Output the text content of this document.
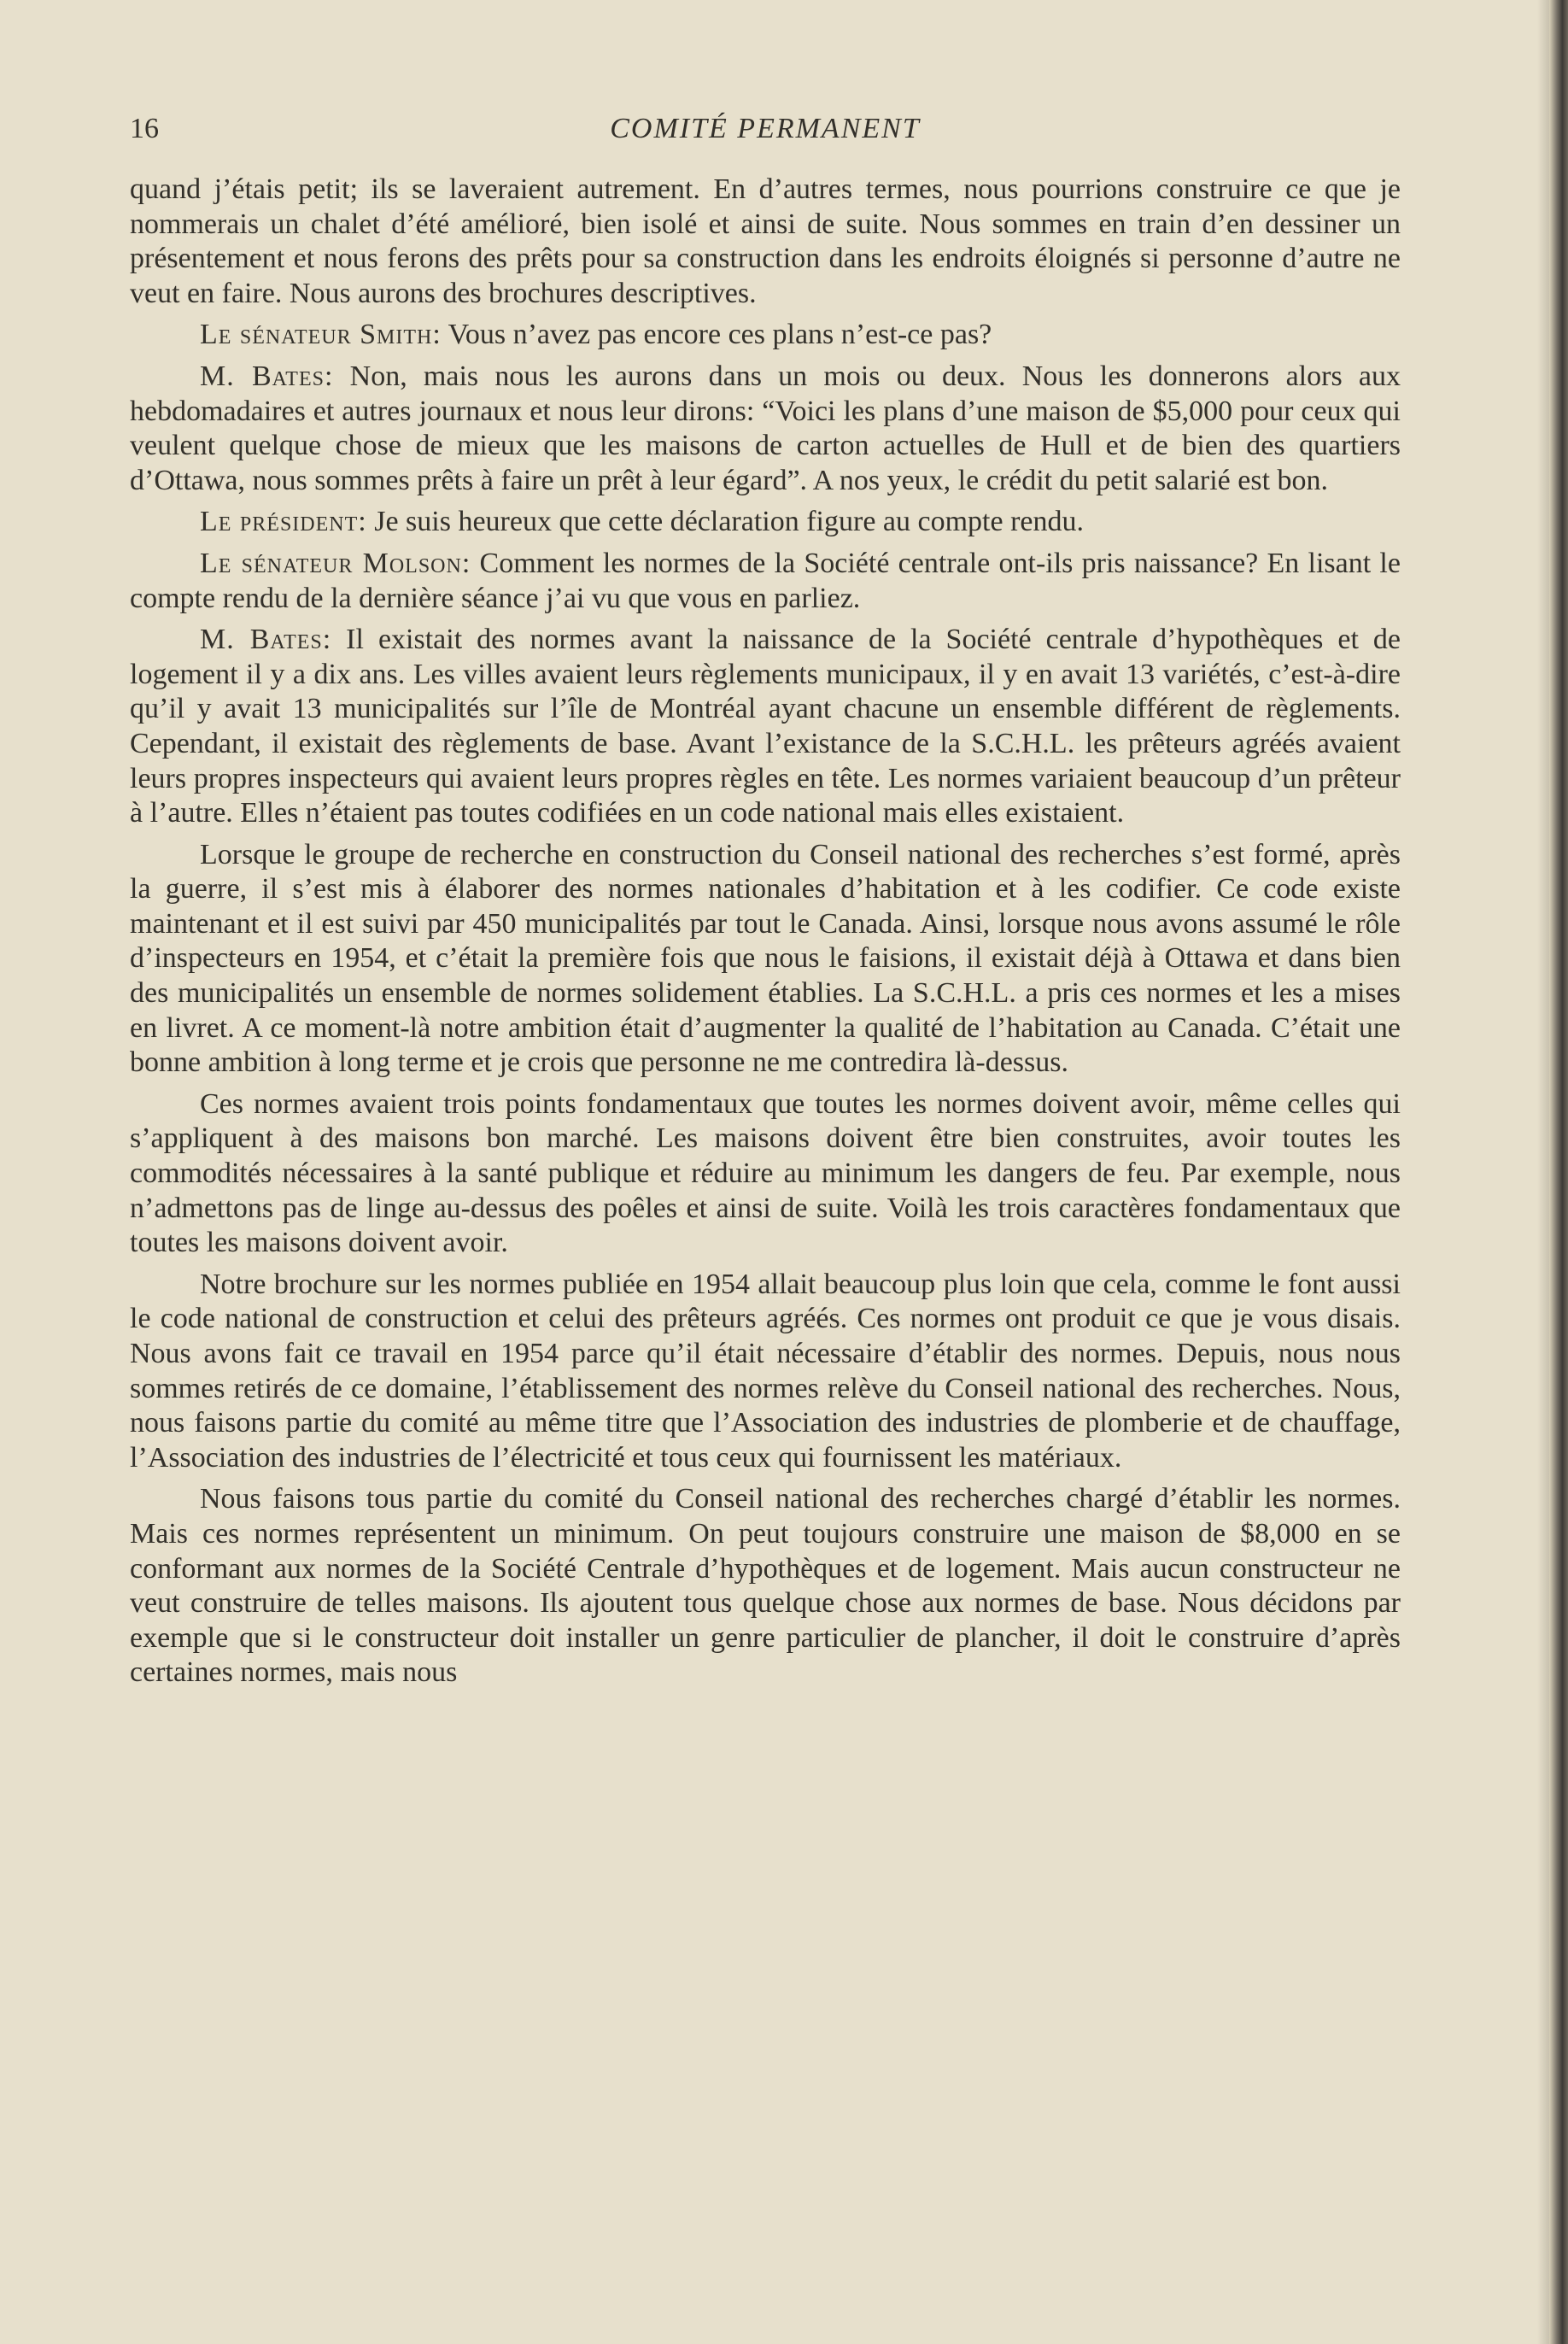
16	COMITÉ PERMANENT

quand j’étais petit; ils se laveraient autrement. En d’autres termes, nous pourrions construire ce que je nommerais un chalet d’été amélioré, bien isolé et ainsi de suite. Nous sommes en train d’en dessiner un présentement et nous ferons des prêts pour sa construction dans les endroits éloignés si personne d’autre ne veut en faire. Nous aurons des brochures descriptives.

Le sénateur Smith: Vous n’avez pas encore ces plans n’est-ce pas?

M. Bates: Non, mais nous les aurons dans un mois ou deux. Nous les donnerons alors aux hebdomadaires et autres journaux et nous leur dirons: “Voici les plans d’une maison de $5,000 pour ceux qui veulent quelque chose de mieux que les maisons de carton actuelles de Hull et de bien des quartiers d’Ottawa, nous sommes prêts à faire un prêt à leur égard”. A nos yeux, le crédit du petit salarié est bon.

Le président: Je suis heureux que cette déclaration figure au compte rendu.

Le sénateur Molson: Comment les normes de la Société centrale ont-ils pris naissance? En lisant le compte rendu de la dernière séance j’ai vu que vous en parliez.

M. Bates: Il existait des normes avant la naissance de la Société centrale d’hypothèques et de logement il y a dix ans. Les villes avaient leurs règlements municipaux, il y en avait 13 variétés, c’est-à-dire qu’il y avait 13 municipalités sur l’île de Montréal ayant chacune un ensemble différent de règlements. Cependant, il existait des règlements de base. Avant l’existance de la S.C.H.L. les prêteurs agréés avaient leurs propres inspecteurs qui avaient leurs propres règles en tête. Les normes variaient beaucoup d’un prêteur à l’autre. Elles n’étaient pas toutes codifiées en un code national mais elles existaient.

Lorsque le groupe de recherche en construction du Conseil national des recherches s’est formé, après la guerre, il s’est mis à élaborer des normes nationales d’habitation et à les codifier. Ce code existe maintenant et il est suivi par 450 municipalités par tout le Canada. Ainsi, lorsque nous avons assumé le rôle d’inspecteurs en 1954, et c’était la première fois que nous le faisions, il existait déjà à Ottawa et dans bien des municipalités un ensemble de normes solidement établies. La S.C.H.L. a pris ces normes et les a mises en livret. A ce moment-là notre ambition était d’augmenter la qualité de l’habitation au Canada. C’était une bonne ambition à long terme et je crois que personne ne me contredira là-dessus.

Ces normes avaient trois points fondamentaux que toutes les normes doivent avoir, même celles qui s’appliquent à des maisons bon marché. Les maisons doivent être bien construites, avoir toutes les commodités nécessaires à la santé publique et réduire au minimum les dangers de feu. Par exemple, nous n’admettons pas de linge au-dessus des poêles et ainsi de suite. Voilà les trois caractères fondamentaux que toutes les maisons doivent avoir.

Notre brochure sur les normes publiée en 1954 allait beaucoup plus loin que cela, comme le font aussi le code national de construction et celui des prêteurs agréés. Ces normes ont produit ce que je vous disais. Nous avons fait ce travail en 1954 parce qu’il était nécessaire d’établir des normes. Depuis, nous nous sommes retirés de ce domaine, l’établissement des normes relève du Conseil national des recherches. Nous, nous faisons partie du comité au même titre que l’Association des industries de plomberie et de chauffage, l’Association des industries de l’électricité et tous ceux qui fournissent les matériaux.

Nous faisons tous partie du comité du Conseil national des recherches chargé d’établir les normes. Mais ces normes représentent un minimum. On peut toujours construire une maison de $8,000 en se conformant aux normes de la Société Centrale d’hypothèques et de logement. Mais aucun constructeur ne veut construire de telles maisons. Ils ajoutent tous quelque chose aux normes de base. Nous décidons par exemple que si le constructeur doit installer un genre particulier de plancher, il doit le construire d’après certaines normes, mais nous
